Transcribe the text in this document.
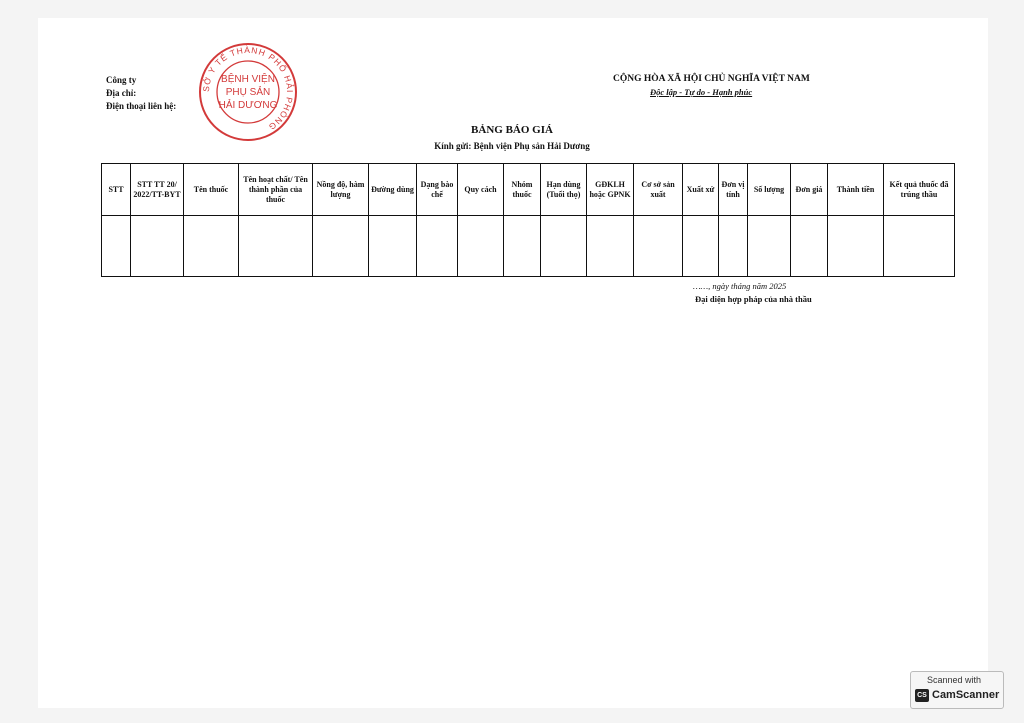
Công ty
Địa chỉ:
Điện thoại liên hệ:
SỞ Y TẾ THÀNH PHỐ HẢI PHÒNG
BỆNH VIỆN
PHỤ SẢN
HẢI DƯƠNG
CỘNG HÒA XÃ HỘI CHỦ NGHĨA VIỆT NAM
Độc lập - Tự do - Hạnh phúc
BẢNG BÁO GIÁ
Kính gửi: Bệnh viện Phụ sản Hải Dương
STT	STT TT 20/ 2022/TT-BYT	Tên thuốc	Tên hoạt chất/ Tên thành phần của thuốc	Nồng độ, hàm lượng	Đường dùng	Dạng bào chế	Quy cách	Nhóm thuốc	Hạn dùng (Tuổi thọ)	GĐKLH hoặc GPNK	Cơ sở sản xuất	Xuất xứ	Đơn vị tính	Số lượng	Đơn giá	Thành tiền	Kết quả thuốc đã trúng thầu

……, ngày tháng năm 2025
Đại diện hợp pháp của nhà thầu
Scanned with
CS CamScanner
